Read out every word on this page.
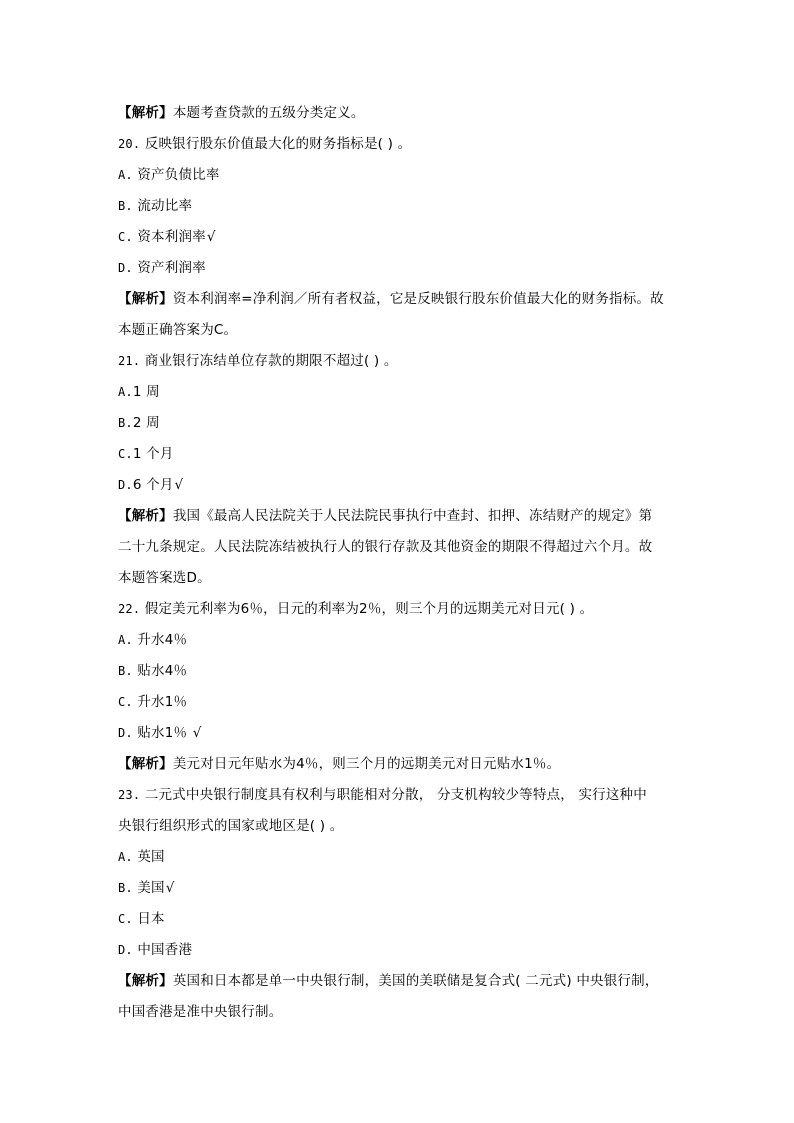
【解析】本题考查贷款的五级分类定义。
20. 反映银行股东价值最大化的财务指标是( ) 。
A. 资产负债比率
B. 流动比率
C. 资本利润率√
D. 资产利润率
【解析】资本利润率=净利润／所有者权益，它是反映银行股东价值最大化的财务指标。故
本题正确答案为C。
21. 商业银行冻结单位存款的期限不超过( ) 。
A.1 周
B.2 周
C.1 个月
D.6 个月√
【解析】我国《最高人民法院关于人民法院民事执行中查封、扣押、冻结财产的规定》第
二十九条规定。人民法院冻结被执行人的银行存款及其他资金的期限不得超过六个月。故
本题答案选D。
22. 假定美元利率为6％，日元的利率为2％，则三个月的远期美元对日元( ) 。
A. 升水4％
B. 贴水4％
C. 升水1％
D. 贴水1％ √
【解析】美元对日元年贴水为4％，则三个月的远期美元对日元贴水1％。
23. 二元式中央银行制度具有权利与职能相对分散， 分支机构较少等特点， 实行这种中
央银行组织形式的国家或地区是( ) 。
A. 英国
B. 美国√
C. 日本
D. 中国香港
【解析】英国和日本都是单一中央银行制，美国的美联储是复合式( 二元式) 中央银行制，
中国香港是准中央银行制。
